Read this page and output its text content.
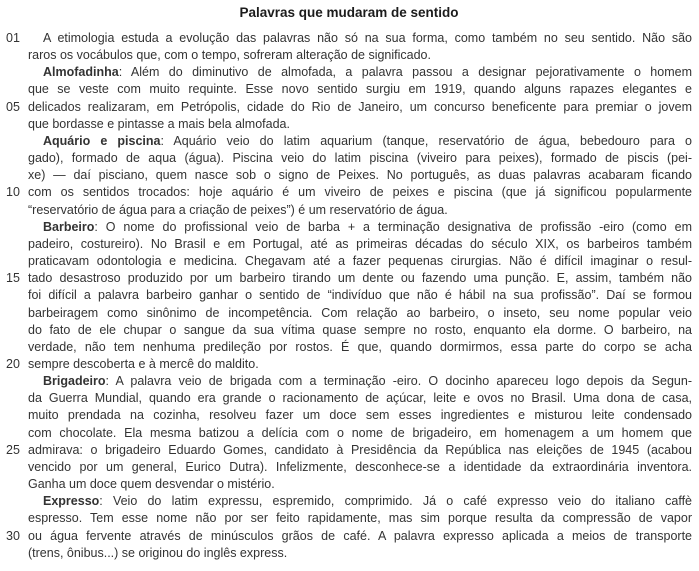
Palavras que mudaram de sentido
01	A etimologia estuda a evolução das palavras não só na sua forma, como também no seu sentido. Não são
raros os vocábulos que, com o tempo, sofreram alteração de significado.
Almofadinha: Além do diminutivo de almofada, a palavra passou a designar pejorativamente o homem
que se veste com muito requinte. Esse novo sentido surgiu em 1919, quando alguns rapazes elegantes e
05 delicados realizaram, em Petrópolis, cidade do Rio de Janeiro, um concurso beneficente para premiar o jovem
que bordasse e pintasse a mais bela almofada.
Aquário e piscina: Aquário veio do latim aquarium (tanque, reservatório de água, bebedouro para o
gado), formado de aqua (água). Piscina veio do latim piscina (viveiro para peixes), formado de piscis (pei-
xe) — daí pisciano, quem nasce sob o signo de Peixes. No português, as duas palavras acabaram ficando
10 com os sentidos trocados: hoje aquário é um viveiro de peixes e piscina (que já significou popularmente
“reservatório de água para a criação de peixes”) é um reservatório de água.
Barbeiro: O nome do profissional veio de barba + a terminação designativa de profissão -eiro (como em
padeiro, costureiro). No Brasil e em Portugal, até as primeiras décadas do século XIX, os barbeiros também
praticavam odontologia e medicina. Chegavam até a fazer pequenas cirurgias. Não é difícil imaginar o resul-
15 tado desastroso produzido por um barbeiro tirando um dente ou fazendo uma punção. E, assim, também não
foi difícil a palavra barbeiro ganhar o sentido de “indivíduo que não é hábil na sua profissão”. Daí se formou
barbeiragem como sinônimo de incompetência. Com relação ao barbeiro, o inseto, seu nome popular veio
do fato de ele chupar o sangue da sua vítima quase sempre no rosto, enquanto ela dorme. O barbeiro, na
verdade, não tem nenhuma predileção por rostos. É que, quando dormirmos, essa parte do corpo se acha
20 sempre descoberta e à mercê do maldito.
Brigadeiro: A palavra veio de brigada com a terminação -eiro. O docinho apareceu logo depois da Segun-
da Guerra Mundial, quando era grande o racionamento de açúcar, leite e ovos no Brasil. Uma dona de casa,
muito prendada na cozinha, resolveu fazer um doce sem esses ingredientes e misturou leite condensado
com chocolate. Ela mesma batizou a delícia com o nome de brigadeiro, em homenagem a um homem que
25 admirava: o brigadeiro Eduardo Gomes, candidato à Presidência da República nas eleições de 1945 (acabou
vencido por um general, Eurico Dutra). Infelizmente, desconhece-se a identidade da extraordinária inventora.
Ganha um doce quem desvendar o mistério.
Expresso: Veio do latim expressu, espremido, comprimido. Já o café expresso veio do italiano caffè
espresso. Tem esse nome não por ser feito rapidamente, mas sim porque resulta da compressão de vapor
30 ou água fervente através de minúsculos grãos de café. A palavra expresso aplicada a meios de transporte
(trens, ônibus...) se originou do inglês express.
